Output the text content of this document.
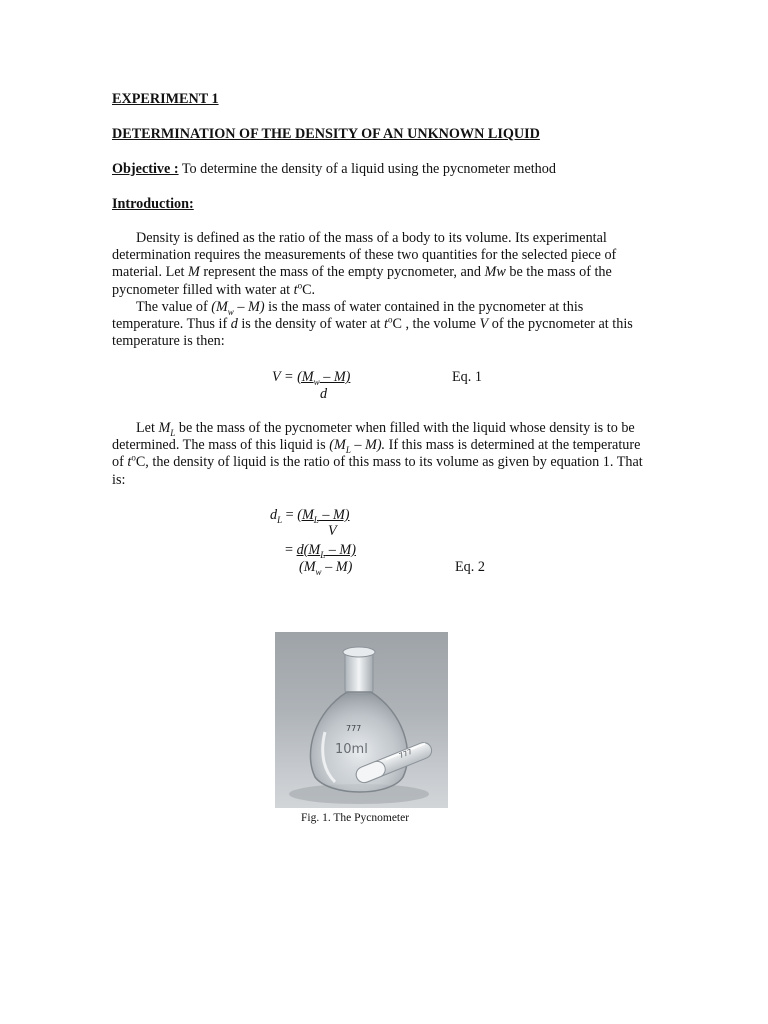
EXPERIMENT 1
DETERMINATION OF THE DENSITY OF AN UNKNOWN LIQUID
Objective : To determine the density of a liquid using the pycnometer method
Introduction:
Density is defined as the ratio of the mass of a body to its volume. Its experimental
determination requires the measurements of these two quantities for the selected piece of
material. Let M represent the mass of the empty pycnometer, and Mw be the mass of the
pycnometer filled with water at $t^oC$.
The value of $(M_w - M)$ is the mass of water contained in the pycnometer at this
temperature. Thus if d is the density of water at $t^oC$ , the volume V of the pycnometer at this
temperature is then:
$V = (M_w - M)$
d
Eq. 1
Let $M_L$ be the mass of the pycnometer when filled with the liquid whose density is to be
determined. The mass of this liquid is $(M_L - M)$. If this mass is determined at the temperature
of $t^oC$, the density of liquid is the ratio of this mass to its volume as given by equation 1. That
is:
$d_L = (M_L - M)$
V
= $d(M_L - M)$
$(M_w - M)$	Eq. 2
777
10ml	777
Fig. 1. The Pycnometer
